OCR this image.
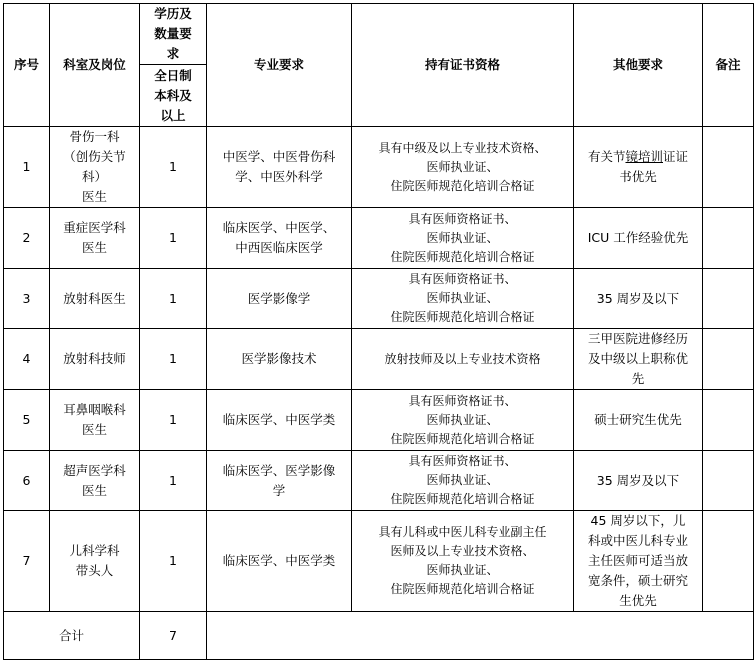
序号	科室及岗位	学历及
数量要
求	专业要求	持有证书资格	其他要求	备注

		全日制
本科及
以上				

1	骨伤一科
（创伤关节
科）
医生	1	中医学、中医骨伤科
学、中医外科学	具有中级及以上专业技术资格、
医师执业证、
住院医师规范化培训合格证	有关节镜培训证证
书优先	

2	重症医学科
医生	1	临床医学、中医学、
中西医临床医学	具有医师资格证书、
医师执业证、
住院医师规范化培训合格证	ICU 工作经验优先	

3	放射科医生	1	医学影像学	具有医师资格证书、
医师执业证、
住院医师规范化培训合格证	35 周岁及以下	

4	放射科技师	1	医学影像技术	放射技师及以上专业技术资格	三甲医院进修经历
及中级以上职称优
先	

5	耳鼻咽喉科
医生	1	临床医学、中医学类	具有医师资格证书、
医师执业证、
住院医师规范化培训合格证	硕士研究生优先	

6	超声医学科
医生	1	临床医学、医学影像
学	具有医师资格证书、
医师执业证、
住院医师规范化培训合格证	35 周岁及以下	

7	儿科学科
带头人	1	临床医学、中医学类	具有儿科或中医儿科专业副主任
医师及以上专业技术资格、
医师执业证、
住院医师规范化培训合格证	45 周岁以下，儿
科或中医儿科专业
主任医师可适当放
宽条件，硕士研究
生优先	

合计		7				
